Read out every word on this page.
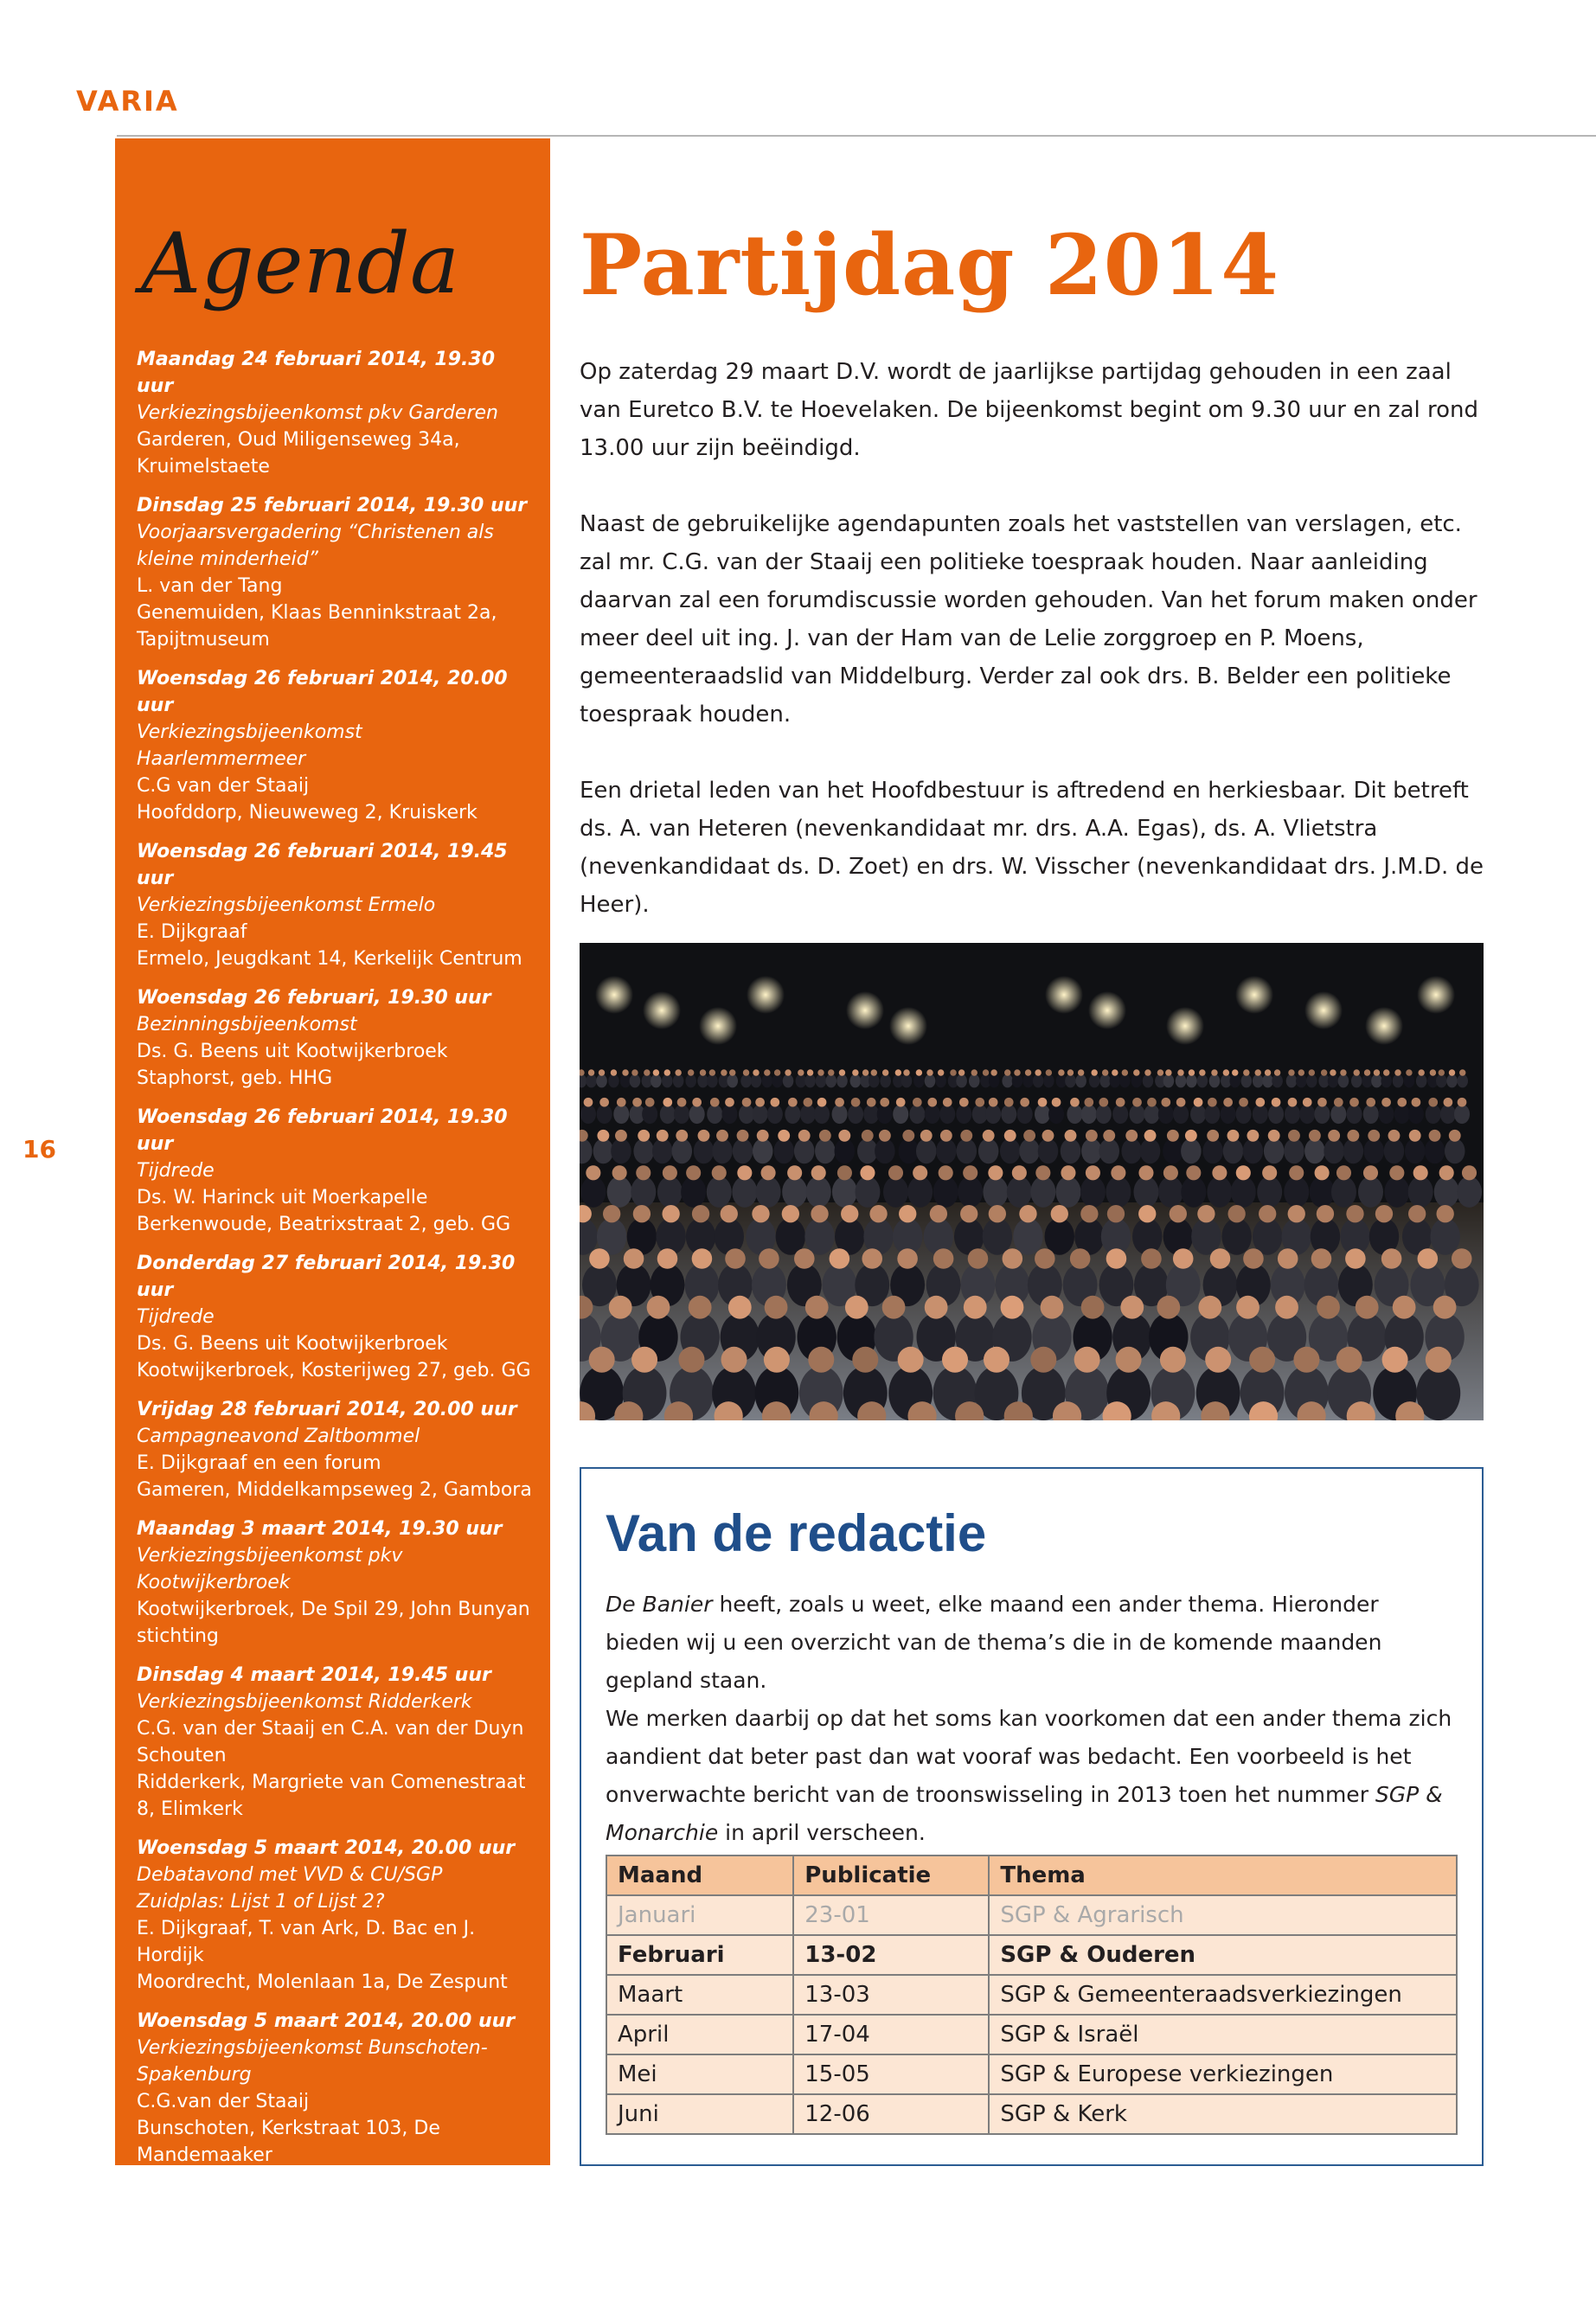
VARIA
16
Agenda
Maandag 24 februari 2014, 19.30 uur
Verkiezingsbijeenkomst pkv Garderen
Garderen, Oud Miligenseweg 34a,
Kruimelstaete
Dinsdag 25 februari 2014, 19.30 uur
Voorjaarsvergadering “Christenen als kleine minderheid”
L. van der Tang
Genemuiden, Klaas Benninkstraat 2a,
Tapijtmuseum
Woensdag 26 februari 2014, 20.00 uur
Verkiezingsbijeenkomst Haarlemmermeer
C.G van der Staaij
Hoofddorp, Nieuweweg 2, Kruiskerk
Woensdag 26 februari 2014, 19.45 uur
Verkiezingsbijeenkomst Ermelo
E. Dijkgraaf
Ermelo, Jeugdkant 14, Kerkelijk Centrum
Woensdag 26 februari, 19.30 uur
Bezinningsbijeenkomst
Ds. G. Beens uit Kootwijkerbroek
Staphorst, geb. HHG
Woensdag 26 februari 2014, 19.30 uur
Tijdrede
Ds. W. Harinck uit Moerkapelle
Berkenwoude, Beatrixstraat 2, geb. GG
Donderdag 27 februari 2014, 19.30 uur
Tijdrede
Ds. G. Beens uit Kootwijkerbroek
Kootwijkerbroek, Kosterijweg 27, geb. GG
Vrijdag 28 februari 2014, 20.00 uur
Campagneavond Zaltbommel
E. Dijkgraaf en een forum
Gameren, Middelkampseweg 2, Gambora
Maandag 3 maart 2014, 19.30 uur
Verkiezingsbijeenkomst pkv Kootwijkerbroek
Kootwijkerbroek, De Spil 29, John Bunyan stichting
Dinsdag 4 maart 2014, 19.45 uur
Verkiezingsbijeenkomst Ridderkerk
C.G. van der Staaij en C.A. van der Duyn Schouten
Ridderkerk, Margriete van Comenestraat 8, Elimkerk
Woensdag 5 maart 2014, 20.00 uur
Debatavond met VVD & CU/SGP Zuidplas: Lijst 1 of Lijst 2?
E. Dijkgraaf, T. van Ark, D. Bac en J. Hordijk
Moordrecht, Molenlaan 1a, De Zespunt
Woensdag 5 maart 2014, 20.00 uur
Verkiezingsbijeenkomst Bunschoten-Spakenburg
C.G.van der Staaij
Bunschoten, Kerkstraat 103, De Mandemaaker
Donderdag 6 maart 2014, 20.00 uur
Verkiezingsavond pkv Cromstrijen
Numansdorp, Buttervliet 1,
Gemeentehuis
Partijdag 2014

Op zaterdag 29 maart D.V. wordt de jaarlijkse partijdag gehouden in een zaal van Euretco B.V. te Hoevelaken. De bijeenkomst begint om 9.30 uur en zal rond 13.00 uur zijn beëindigd.

Naast de gebruikelijke agendapunten zoals het vaststellen van verslagen, etc. zal mr. C.G. van der Staaij een politieke toespraak houden. Naar aanleiding daarvan zal een forumdiscussie worden gehouden. Van het forum maken onder meer deel uit ing. J. van der Ham van de Lelie zorggroep en P. Moens, gemeenteraadslid van Middelburg. Verder zal ook drs. B. Belder een politieke toespraak houden.

Een drietal leden van het Hoofdbestuur is aftredend en herkiesbaar. Dit betreft ds. A. van Heteren (nevenkandidaat mr. drs. A.A. Egas), ds. A. Vlietstra (nevenkandidaat ds. D. Zoet) en drs. W. Visscher (nevenkandidaat drs. J.M.D. de Heer).

Van de redactie

De Banier heeft, zoals u weet, elke maand een ander thema. Hieronder bieden wij u een overzicht van de thema’s die in de komende maanden gepland staan.

We merken daarbij op dat het soms kan voorkomen dat een ander thema zich aandient dat beter past dan wat vooraf was bedacht. Een voorbeeld is het onverwachte bericht van de troonswisseling in 2013 toen het nummer SGP & Monarchie in april verscheen.

Maand	Publicatie	Thema
Januari	23-01	SGP & Agrarisch
Februari	13-02	SGP & Ouderen
Maart	13-03	SGP & Gemeenteraadsverkiezingen
April	17-04	SGP & Israël
Mei	15-05	SGP & Europese verkiezingen
Juni	12-06	SGP & Kerk
